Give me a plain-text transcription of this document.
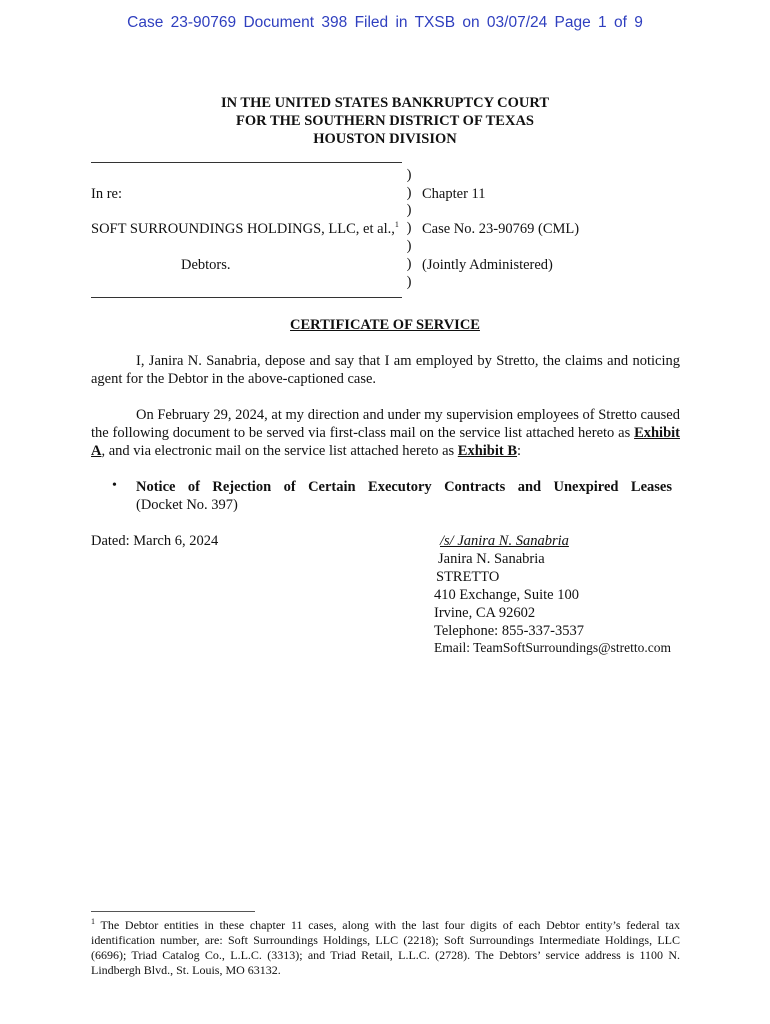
Case 23-90769 Document 398 Filed in TXSB on 03/07/24 Page 1 of 9
IN THE UNITED STATES BANKRUPTCY COURT
FOR THE SOUTHERN DISTRICT OF TEXAS
HOUSTON DIVISION
In re:
SOFT SURROUNDINGS HOLDINGS, LLC, et al.,$^1$
Debtors.
)
)
)
)
)
)
)
Chapter 11
Case No. 23-90769 (CML)
(Jointly Administered)
CERTIFICATE OF SERVICE
I, Janira N. Sanabria, depose and say that I am employed by Stretto, the claims and noticing agent for the Debtor in the above-captioned case.
On February 29, 2024, at my direction and under my supervision employees of Stretto caused the following document to be served via first-class mail on the service list attached hereto as Exhibit A, and via electronic mail on the service list attached hereto as Exhibit B:
• Notice of Rejection of Certain Executory Contracts and Unexpired Leases
(Docket No. 397)
Dated: March 6, 2024	/s/ Janira N. Sanabria
Janira N. Sanabria
STRETTO
410 Exchange, Suite 100
Irvine, CA 92602
Telephone: 855-337-3537
Email: TeamSoftSurroundings@stretto.com
$^1$ The Debtor entities in these chapter 11 cases, along with the last four digits of each Debtor entity’s federal tax identification number, are: Soft Surroundings Holdings, LLC (2218); Soft Surroundings Intermediate Holdings, LLC (6696); Triad Catalog Co., L.L.C. (3313); and Triad Retail, L.L.C. (2728). The Debtors’ service address is 1100 N. Lindbergh Blvd., St. Louis, MO 63132.
